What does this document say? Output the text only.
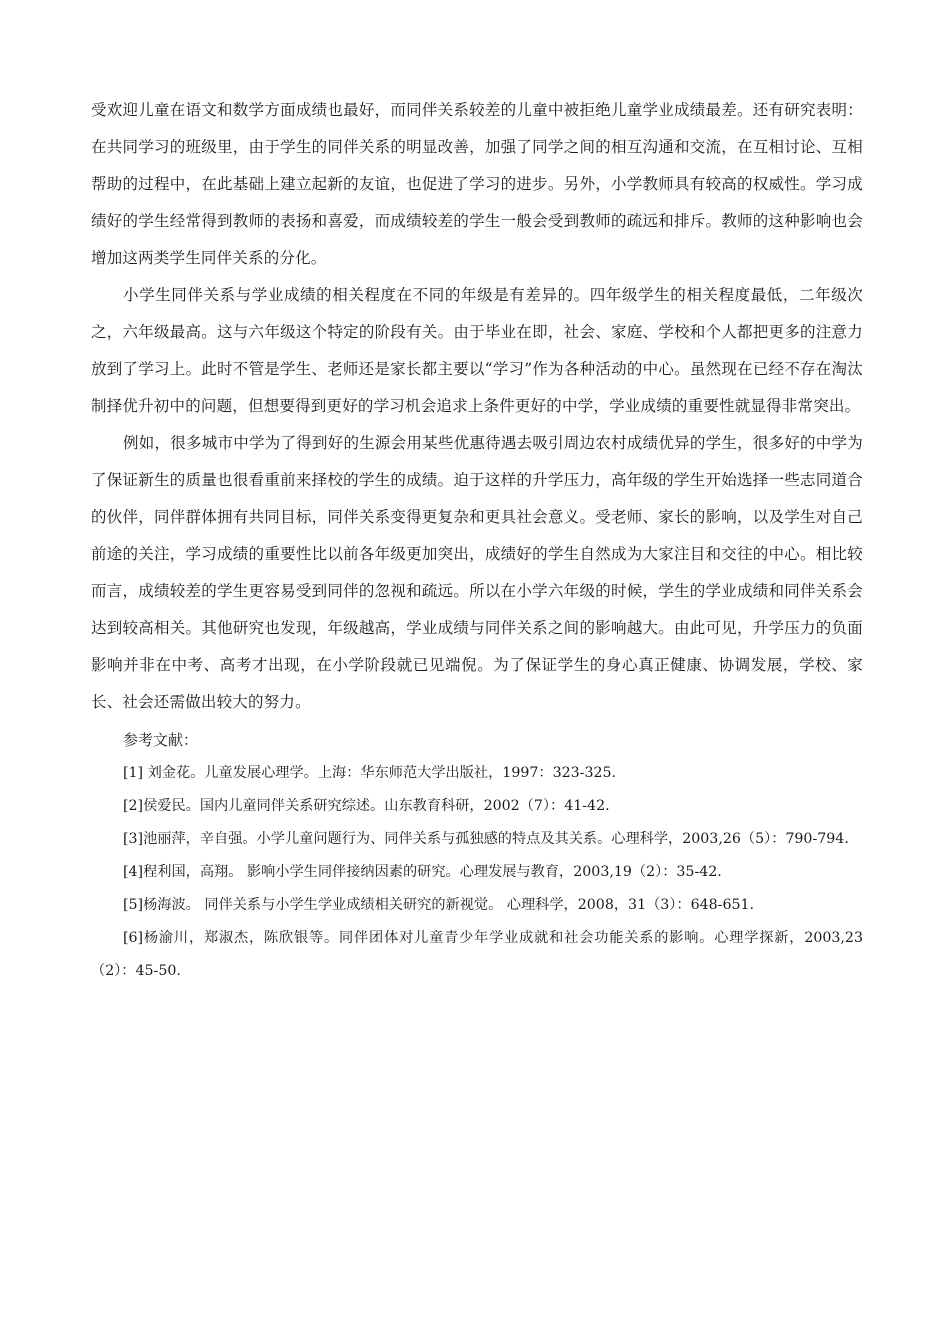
受欢迎儿童在语文和数学方面成绩也最好，而同伴关系较差的儿童中被拒绝儿童学业成绩最差。还有研究表明：在共同学习的班级里，由于学生的同伴关系的明显改善，加强了同学之间的相互沟通和交流，在互相讨论、互相帮助的过程中，在此基础上建立起新的友谊，也促进了学习的进步。另外，小学教师具有较高的权威性。学习成绩好的学生经常得到教师的表扬和喜爱，而成绩较差的学生一般会受到教师的疏远和排斥。教师的这种影响也会增加这两类学生同伴关系的分化。

小学生同伴关系与学业成绩的相关程度在不同的年级是有差异的。四年级学生的相关程度最低，二年级次之，六年级最高。这与六年级这个特定的阶段有关。由于毕业在即，社会、家庭、学校和个人都把更多的注意力放到了学习上。此时不管是学生、老师还是家长都主要以“学习”作为各种活动的中心。虽然现在已经不存在淘汰制择优升初中的问题，但想要得到更好的学习机会追求上条件更好的中学，学业成绩的重要性就显得非常突出。

例如，很多城市中学为了得到好的生源会用某些优惠待遇去吸引周边农村成绩优异的学生，很多好的中学为了保证新生的质量也很看重前来择校的学生的成绩。迫于这样的升学压力，高年级的学生开始选择一些志同道合的伙伴，同伴群体拥有共同目标，同伴关系变得更复杂和更具社会意义。受老师、家长的影响，以及学生对自己前途的关注，学习成绩的重要性比以前各年级更加突出，成绩好的学生自然成为大家注目和交往的中心。相比较而言，成绩较差的学生更容易受到同伴的忽视和疏远。所以在小学六年级的时候，学生的学业成绩和同伴关系会达到较高相关。其他研究也发现，年级越高，学业成绩与同伴关系之间的影响越大。由此可见，升学压力的负面影响并非在中考、高考才出现，在小学阶段就已见端倪。为了保证学生的身心真正健康、协调发展，学校、家长、社会还需做出较大的努力。

参考文献：

[1] 刘金花。儿童发展心理学。上海：华东师范大学出版社，1997：323-325.

[2]侯爱民。国内儿童同伴关系研究综述。山东教育科研，2002（7）：41-42.

[3]池丽萍，辛自强。小学儿童问题行为、同伴关系与孤独感的特点及其关系。心理科学，2003,26（5）：790-794.

[4]程利国，高翔。 影响小学生同伴接纳因素的研究。心理发展与教育，2003,19（2）：35-42.

[5]杨海波。 同伴关系与小学生学业成绩相关研究的新视觉。 心理科学，2008，31（3）：648-651.

[6]杨渝川，郑淑杰，陈欣银等。同伴团体对儿童青少年学业成就和社会功能关系的影响。心理学探新，2003,23（2）：45-50.
